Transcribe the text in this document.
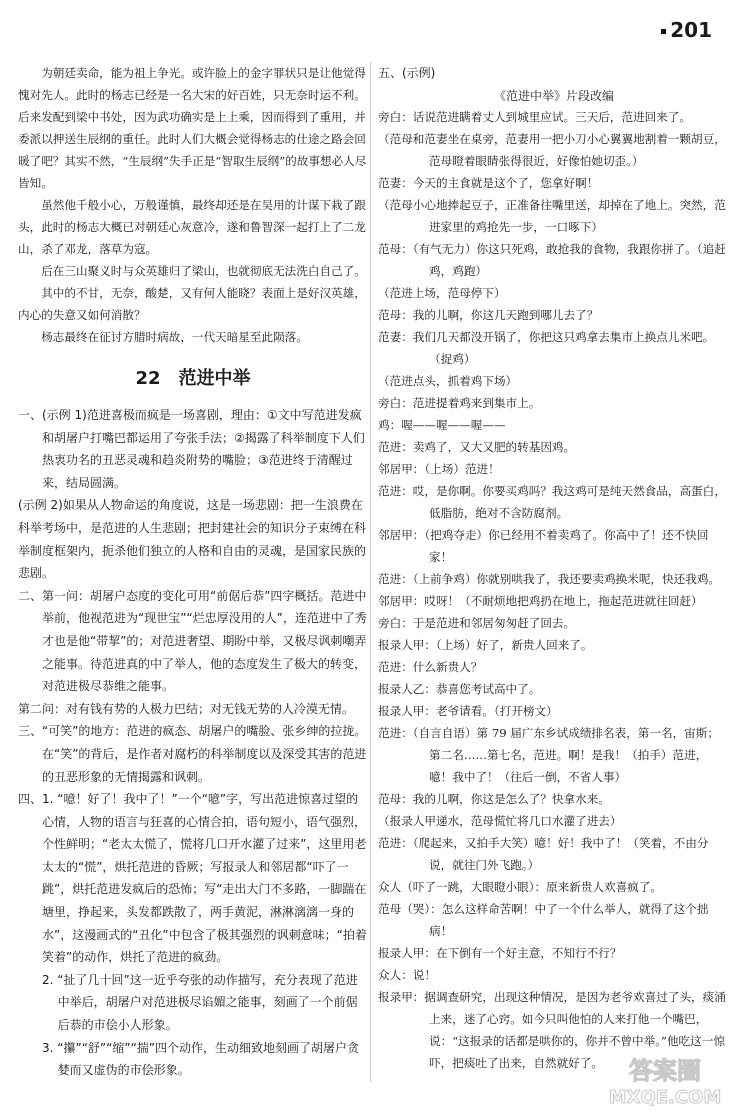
201

为朝廷卖命，能为祖上争光。或许脸上的金字罪状只是让他觉得愧对先人。此时的杨志已经是一名大宋的好百姓，只无奈时运不利。后来发配到梁中书处，因为武功确实是上上乘，因而得到了重用，并委派以押送生辰纲的重任。此时人们大概会觉得杨志的仕途之路会回暖了吧？其实不然，“生辰纲”失手正是“智取生辰纲”的故事想必人尽皆知。

虽然他千般小心，万般谨慎，最终却还是在吴用的计谋下栽了跟头，此时的杨志大概已对朝廷心灰意冷，遂和鲁智深一起打上了二龙山，杀了邓龙，落草为寇。

后在三山聚义时与众英雄归了梁山，也就彻底无法洗白自己了。

其中的不甘，无奈，酸楚，又有何人能晓？表面上是好汉英雄，内心的失意又如何消散？

杨志最终在征讨方腊时病故，一代天暗星至此陨落。

22  范进中举

一、(示例 1)范进喜极而疯是一场喜剧，理由：①文中写范进发疯和胡屠户打嘴巴都运用了夸张手法；②揭露了科举制度下人们热衷功名的丑恶灵魂和趋炎附势的嘴脸；③范进终于清醒过来，结局圆满。

(示例 2)如果从人物命运的角度说，这是一场悲剧：把一生浪费在科举考场中，是范进的人生悲剧；把封建社会的知识分子束缚在科举制度框架内，扼杀他们独立的人格和自由的灵魂，是国家民族的悲剧。

二、第一问：胡屠户态度的变化可用“前倨后恭”四字概括。范进中举前，他视范进为“现世宝”“烂忠厚没用的人”，连范进中了秀才也是他“带挈”的；对范进奢望、期盼中举，又极尽讽刺嘲弄之能事。待范进真的中了举人，他的态度发生了极大的转变，对范进极尽恭维之能事。

第二问：对有钱有势的人极力巴结；对无钱无势的人冷漠无情。

三、“可笑”的地方：范进的疯态、胡屠户的嘴脸、张乡绅的拉拢。在“笑”的背后，是作者对腐朽的科举制度以及深受其害的范进的丑恶形象的无情揭露和讽刺。

四、1. “噫！好了！我中了！”一个“噫”字，写出范进惊喜过望的心情，人物的语言与狂喜的心情合拍，语句短小，语气强烈，个性鲜明；“老太太慌了，慌将几口开水灌了过来”，这里用老太太的“慌”，烘托范进的昏厥；写报录人和邻居都“吓了一跳”，烘托范进发疯后的恐怖；写“走出大门不多路，一脚踹在塘里，挣起来，头发都跌散了，两手黄泥，淋淋漓漓一身的水”，这漫画式的“丑化”中包含了极其强烈的讽刺意味；“拍着笑着”的动作，烘托了范进的疯劲。

2. “扯了几十回”这一近乎夸张的动作描写，充分表现了范进中举后，胡屠户对范进极尽谄媚之能事，刻画了一个前倨后恭的市侩小人形象。

3. “攥”“舒”“缩”“揣”四个动作，生动细致地刻画了胡屠户贪婪而又虚伪的市侩形象。

五、(示例)
《范进中举》片段改编

旁白：话说范进瞒着丈人到城里应试。三天后，范进回来了。

（范母和范妻坐在桌旁，范妻用一把小刀小心翼翼地割着一颗胡豆，范母瞪着眼睛张得很近，好像怕她切歪。）

范妻：今天的主食就是这个了，您拿好啊！

（范母小心地捧起豆子，正准备往嘴里送，却掉在了地上。突然，范进家里的鸡抢先一步，一口啄下）

范母：（有气无力）你这只死鸡，敢抢我的食物，我跟你拼了。（追赶鸡，鸡跑）

（范进上场，范母停下）

范母：我的儿啊，你这几天跑到哪儿去了？

范妻：我们几天都没开锅了，你把这只鸡拿去集市上换点儿米吧。（捉鸡）

（范进点头，抓着鸡下场）

旁白：范进提着鸡来到集市上。

鸡：喔——喔——喔——

范进：卖鸡了，又大又肥的转基因鸡。

邻居甲：（上场）范进！

范进：哎，是你啊。你要买鸡吗？我这鸡可是纯天然食品，高蛋白，低脂肪，绝对不含防腐剂。

邻居甲：（把鸡夺走）你已经用不着卖鸡了。你高中了！还不快回家！

范进：（上前争鸡）你就别哄我了，我还要卖鸡换米呢，快还我鸡。

邻居甲：哎呀！（不耐烦地把鸡扔在地上，拖起范进就往回赶）

旁白：于是范进和邻居匆匆赶了回去。

报录人甲：（上场）好了，新贵人回来了。

范进：什么新贵人？

报录人乙：恭喜您考试高中了。

报录人甲：老爷请看。（打开榜文）

范进：（自言自语）第 79 届广东乡试成绩排名表，第一名，宙斯；第二名……第七名，范进。啊！是我！（拍手）范进，噫！我中了！（往后一倒，不省人事）

范母：我的儿啊，你这是怎么了？快拿水来。

（报录人甲递水，范母慌忙将几口水灌了进去）

范进：（爬起来，又拍手大笑）噫！好！我中了！（笑着，不由分说，就往门外飞跑。）

众人（吓了一跳，大眼瞪小眼）：原来新贵人欢喜疯了。

范母（哭）：怎么这样命苦啊！中了一个什么举人，就得了这个拙病！

报录人甲：在下倒有一个好主意，不知行不行？

众人：说！

报录甲：据调查研究，出现这种情况，是因为老爷欢喜过了头，痰涌上来，迷了心窍。如今只叫他怕的人来打他一个嘴巴，说：“这报录的话都是哄你的，你并不曾中举。”他吃这一惊吓，把痰吐了出来，自然就好了。	答案圈
MXQE.COM
